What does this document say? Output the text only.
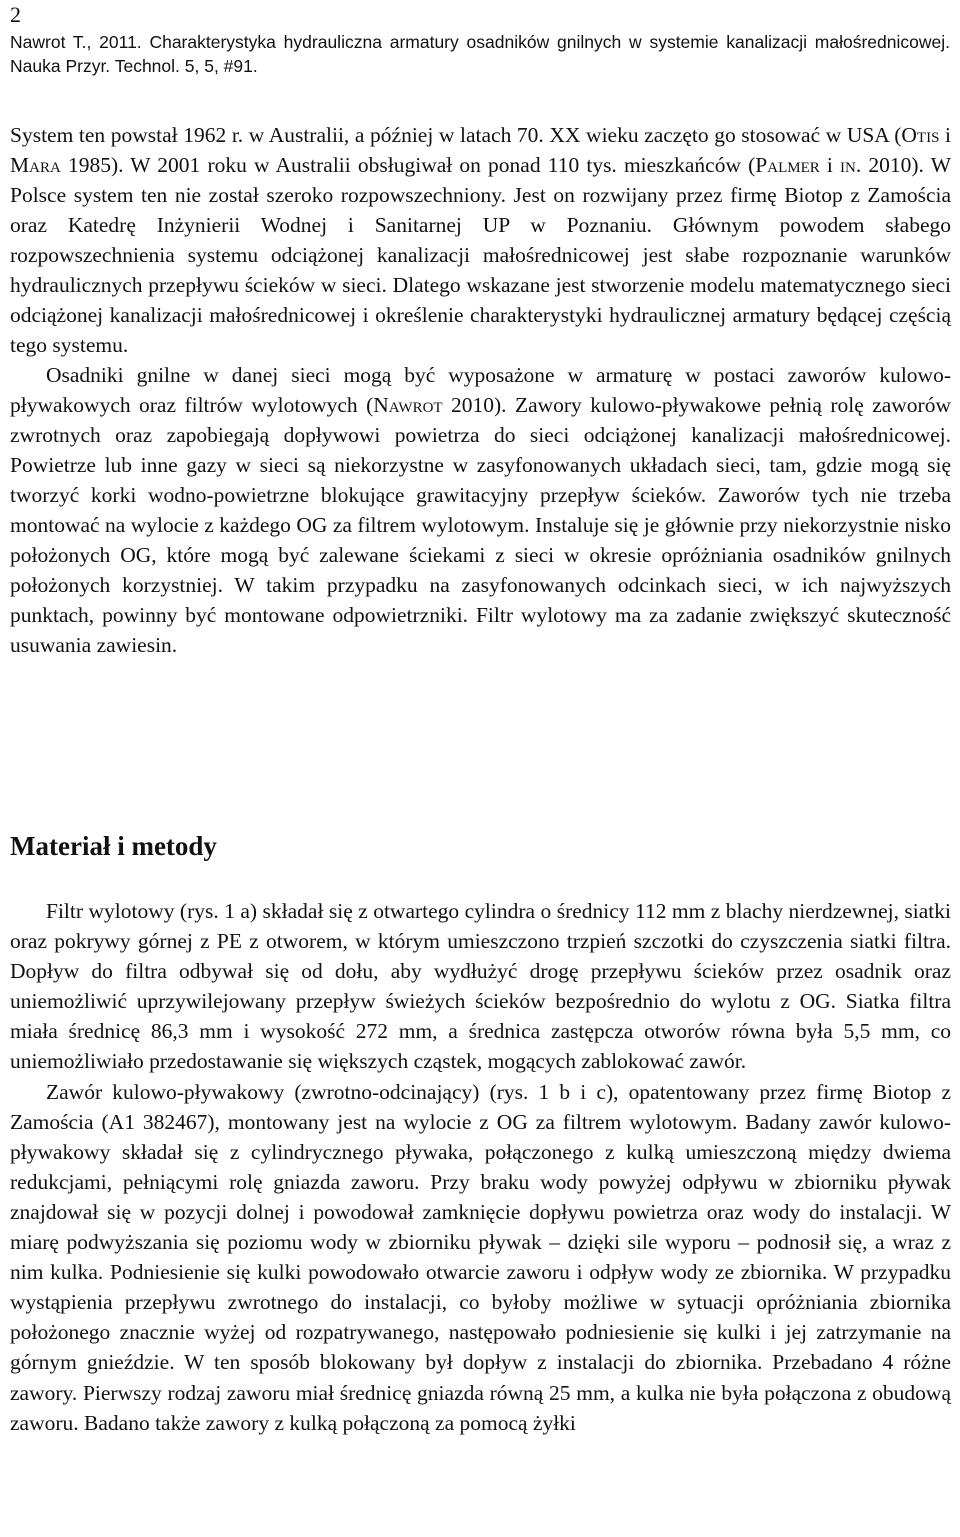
2
Nawrot T., 2011. Charakterystyka hydrauliczna armatury osadników gnilnych w systemie kanalizacji małośrednicowej. Nauka Przyr. Technol. 5, 5, #91.

System ten powstał 1962 r. w Australii, a później w latach 70. XX wieku zaczęto go stosować w USA (Otis i Mara 1985). W 2001 roku w Australii obsługiwał on ponad 110 tys. mieszkańców (Palmer i in. 2010). W Polsce system ten nie został szeroko rozpowszechniony. Jest on rozwijany przez firmę Biotop z Zamościa oraz Katedrę Inżynierii Wodnej i Sanitarnej UP w Poznaniu. Głównym powodem słabego rozpowszechnienia systemu odciążonej kanalizacji małośrednicowej jest słabe rozpoznanie warunków hydraulicznych przepływu ścieków w sieci. Dlatego wskazane jest stworzenie modelu matematycznego sieci odciążonej kanalizacji małośrednicowej i określenie charakterystyki hydraulicznej armatury będącej częścią tego systemu.

Osadniki gnilne w danej sieci mogą być wyposażone w armaturę w postaci zaworów kulowo-pływakowych oraz filtrów wylotowych (Nawrot 2010). Zawory kulowo-pływakowe pełnią rolę zaworów zwrotnych oraz zapobiegają dopływowi powietrza do sieci odciążonej kanalizacji małośrednicowej. Powietrze lub inne gazy w sieci są niekorzystne w zasyfonowanych układach sieci, tam, gdzie mogą się tworzyć korki wodno-powietrzne blokujące grawitacyjny przepływ ścieków. Zaworów tych nie trzeba montować na wylocie z każdego OG za filtrem wylotowym. Instaluje się je głównie przy niekorzystnie nisko położonych OG, które mogą być zalewane ściekami z sieci w okresie opróżniania osadników gnilnych położonych korzystniej. W takim przypadku na zasyfonowanych odcinkach sieci, w ich najwyższych punktach, powinny być montowane odpowietrzniki. Filtr wylotowy ma za zadanie zwiększyć skuteczność usuwania zawiesin.

Materiał i metody

Filtr wylotowy (rys. 1 a) składał się z otwartego cylindra o średnicy 112 mm z blachy nierdzewnej, siatki oraz pokrywy górnej z PE z otworem, w którym umieszczono trzpień szczotki do czyszczenia siatki filtra. Dopływ do filtra odbywał się od dołu, aby wydłużyć drogę przepływu ścieków przez osadnik oraz uniemożliwić uprzywilejowany przepływ świeżych ścieków bezpośrednio do wylotu z OG. Siatka filtra miała średnicę 86,3 mm i wysokość 272 mm, a średnica zastępcza otworów równa była 5,5 mm, co uniemożliwiało przedostawanie się większych cząstek, mogących zablokować zawór.

Zawór kulowo-pływakowy (zwrotno-odcinający) (rys. 1 b i c), opatentowany przez firmę Biotop z Zamościa (A1 382467), montowany jest na wylocie z OG za filtrem wylotowym. Badany zawór kulowo-pływakowy składał się z cylindrycznego pływaka, połączonego z kulką umieszczoną między dwiema redukcjami, pełniącymi rolę gniazda zaworu. Przy braku wody powyżej odpływu w zbiorniku pływak znajdował się w pozycji dolnej i powodował zamknięcie dopływu powietrza oraz wody do instalacji. W miarę podwyższania się poziomu wody w zbiorniku pływak – dzięki sile wyporu – podnosił się, a wraz z nim kulka. Podniesienie się kulki powodowało otwarcie zaworu i odpływ wody ze zbiornika. W przypadku wystąpienia przepływu zwrotnego do instalacji, co byłoby możliwe w sytuacji opróżniania zbiornika położonego znacznie wyżej od rozpatrywanego, następowało podniesienie się kulki i jej zatrzymanie na górnym gnieździe. W ten sposób blokowany był dopływ z instalacji do zbiornika. Przebadano 4 różne zawory. Pierwszy rodzaj zaworu miał średnicę gniazda równą 25 mm, a kulka nie była połączona z obudową zaworu. Badano także zawory z kulką połączoną za pomocą żyłki
